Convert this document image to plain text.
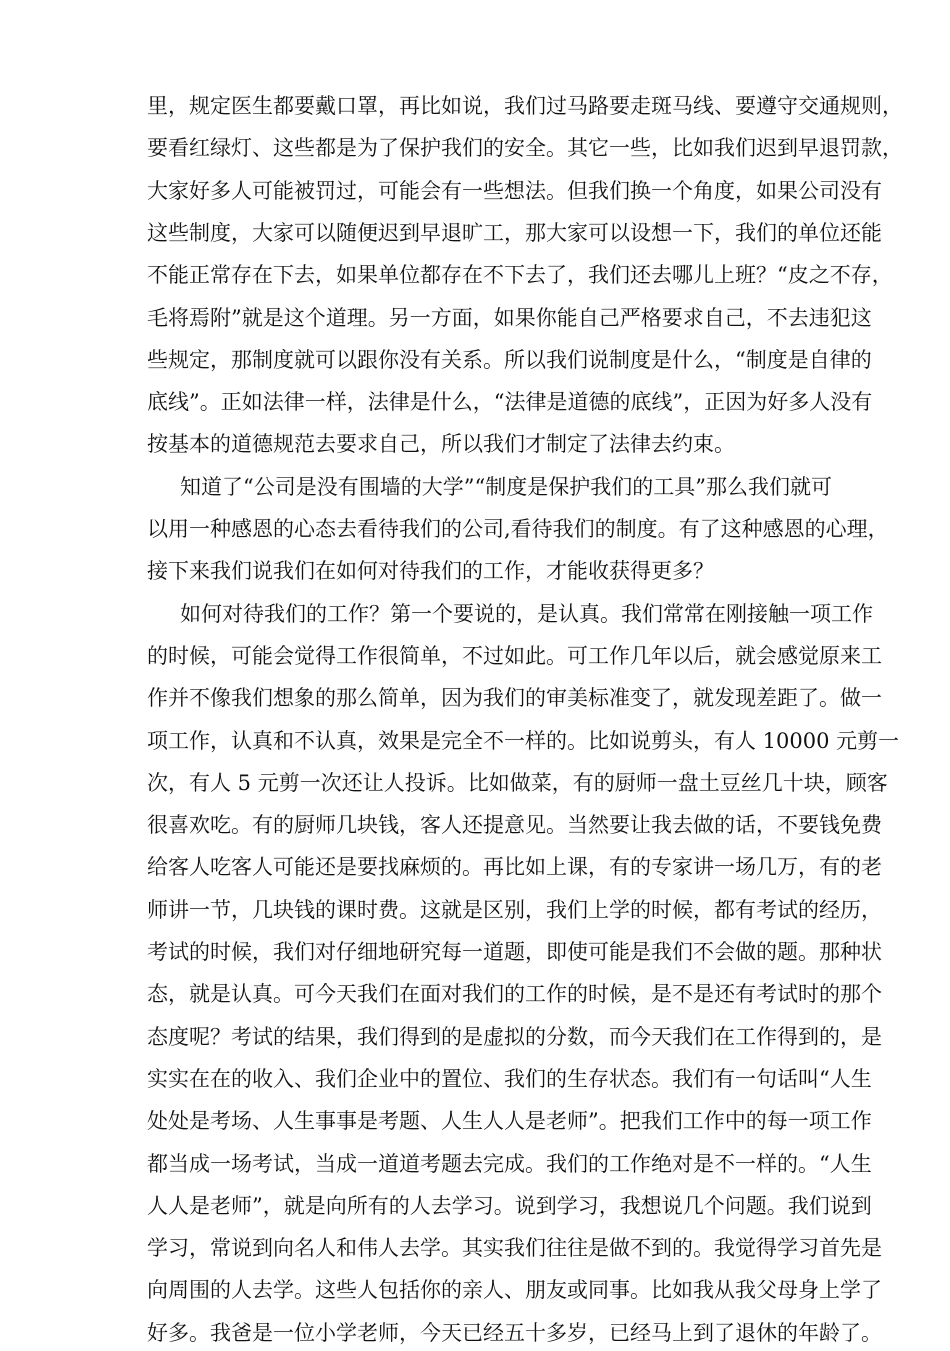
里，规定医生都要戴口罩，再比如说，我们过马路要走斑马线、要遵守交通规则，
要看红绿灯、这些都是为了保护我们的安全。其它一些，比如我们迟到早退罚款，
大家好多人可能被罚过，可能会有一些想法。但我们换一个角度，如果公司没有
这些制度，大家可以随便迟到早退旷工，那大家可以设想一下，我们的单位还能
不能正常存在下去，如果单位都存在不下去了，我们还去哪儿上班？“皮之不存，
毛将焉附”就是这个道理。另一方面，如果你能自己严格要求自己，不去违犯这
些规定，那制度就可以跟你没有关系。所以我们说制度是什么，“制度是自律的
底线”。正如法律一样，法律是什么，“法律是道德的底线”，正因为好多人没有
按基本的道德规范去要求自己，所以我们才制定了法律去约束。
知道了“公司是没有围墙的大学”“制度是保护我们的工具”那么我们就可
以用一种感恩的心态去看待我们的公司,看待我们的制度。有了这种感恩的心理，
接下来我们说我们在如何对待我们的工作，才能收获得更多？
如何对待我们的工作？第一个要说的，是认真。我们常常在刚接触一项工作
的时候，可能会觉得工作很简单，不过如此。可工作几年以后，就会感觉原来工
作并不像我们想象的那么简单，因为我们的审美标准变了，就发现差距了。做一
项工作，认真和不认真，效果是完全不一样的。比如说剪头，有人 10000 元剪一
次，有人 5 元剪一次还让人投诉。比如做菜，有的厨师一盘土豆丝几十块，顾客
很喜欢吃。有的厨师几块钱，客人还提意见。当然要让我去做的话，不要钱免费
给客人吃客人可能还是要找麻烦的。再比如上课，有的专家讲一场几万，有的老
师讲一节，几块钱的课时费。这就是区别，我们上学的时候，都有考试的经历，
考试的时候，我们对仔细地研究每一道题，即使可能是我们不会做的题。那种状
态，就是认真。可今天我们在面对我们的工作的时候，是不是还有考试时的那个
态度呢？考试的结果，我们得到的是虚拟的分数，而今天我们在工作得到的，是
实实在在的收入、我们企业中的置位、我们的生存状态。我们有一句话叫“人生
处处是考场、人生事事是考题、人生人人是老师”。把我们工作中的每一项工作
都当成一场考试，当成一道道考题去完成。我们的工作绝对是不一样的。“人生
人人是老师”，就是向所有的人去学习。说到学习，我想说几个问题。我们说到
学习，常说到向名人和伟人去学。其实我们往往是做不到的。我觉得学习首先是
向周围的人去学。这些人包括你的亲人、朋友或同事。比如我从我父母身上学了
好多。我爸是一位小学老师，今天已经五十多岁，已经马上到了退休的年龄了。
